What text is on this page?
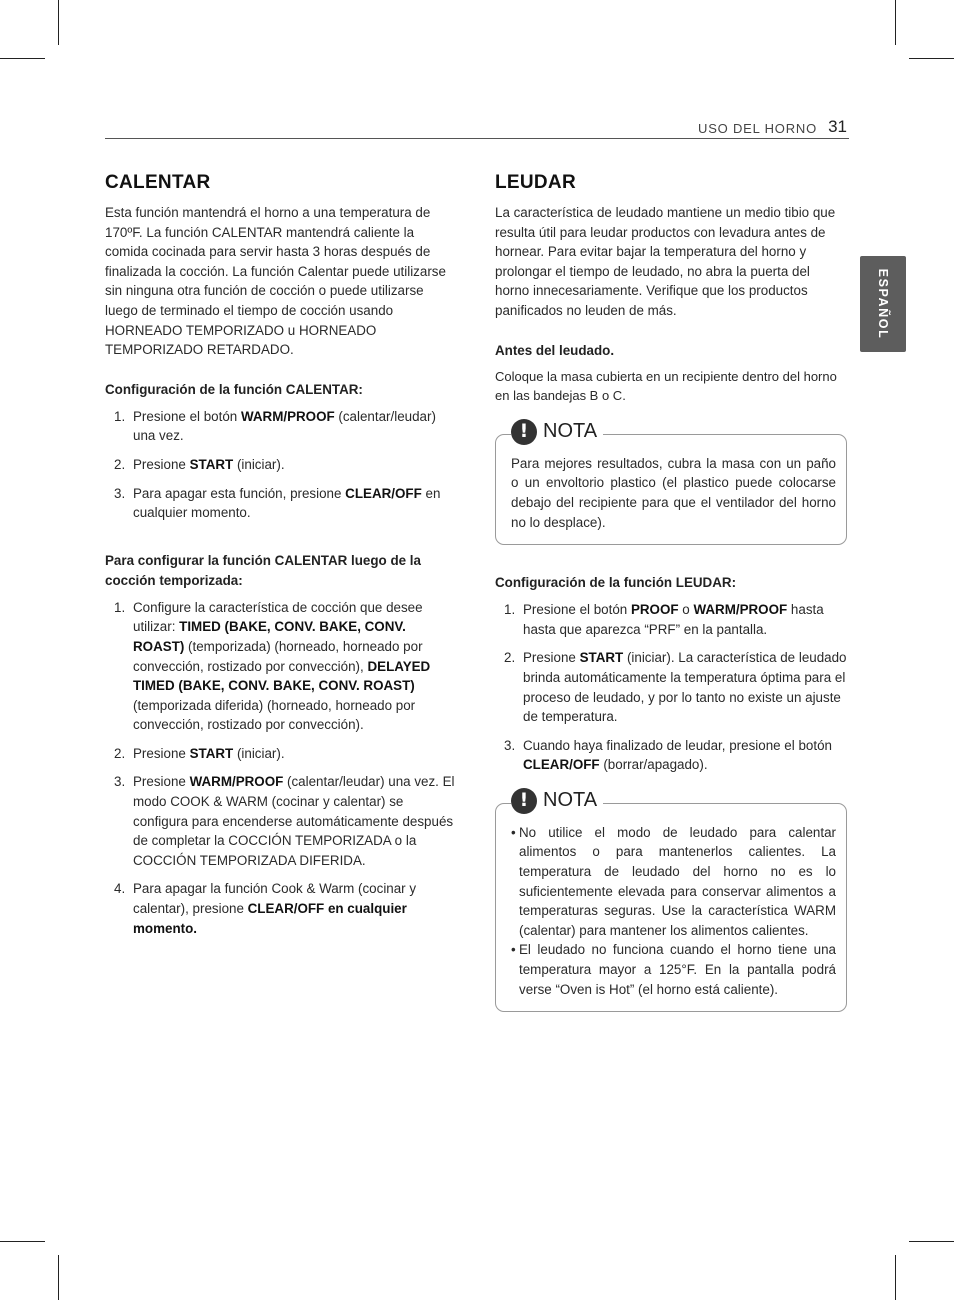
USO DEL HORNO 31
ESPAÑOL
CALENTAR

Esta función mantendrá el horno a una temperatura de 170ºF. La función CALENTAR mantendrá caliente la comida cocinada para servir hasta 3 horas después de finalizada la cocción. La función Calentar puede utilizarse sin ninguna otra función de cocción o puede utilizarse luego de terminado el tiempo de cocción usando HORNEADO TEMPORIZADO u HORNEADO TEMPORIZADO RETARDADO.

Configuración de la función CALENTAR:
1. Presione el botón WARM/PROOF (calentar/leudar) una vez.
2. Presione START (iniciar).
3. Para apagar esta función, presione CLEAR/OFF en cualquier momento.
Para configurar la función CALENTAR luego de la cocción temporizada:
1. Configure la característica de cocción que desee utilizar: TIMED (BAKE, CONV. BAKE, CONV. ROAST) (temporizada) (horneado, horneado por convección, rostizado por convección), DELAYED TIMED (BAKE, CONV. BAKE, CONV. ROAST) (temporizada diferida) (horneado, horneado por convección, rostizado por convección).
2. Presione START (iniciar).
3. Presione WARM/PROOF (calentar/leudar) una vez. El modo COOK & WARM (cocinar y calentar) se configura para encenderse automáticamente después de completar la COCCIÓN TEMPORIZADA o la COCCIÓN TEMPORIZADA DIFERIDA.
4. Para apagar la función Cook & Warm (cocinar y calentar), presione CLEAR/OFF en cualquier momento.
LEUDAR

La característica de leudado mantiene un medio tibio que resulta útil para leudar productos con levadura antes de hornear. Para evitar bajar la temperatura del horno y prolongar el tiempo de leudado, no abra la puerta del horno innecesariamente. Verifique que los productos panificados no leuden de más.

Antes del leudado.

Coloque la masa cubierta en un recipiente dentro del horno en las bandejas B o C.

! NOTA
Para mejores resultados, cubra la masa con un paño o un envoltorio plastico (el plastico puede colocarse debajo del recipiente para que el ventilador del horno no lo desplace).
Configuración de la función LEUDAR:
1. Presione el botón PROOF o WARM/PROOF hasta hasta que aparezca “PRF” en la pantalla.
2. Presione START (iniciar). La característica de leudado brinda automáticamente la temperatura óptima para el proceso de leudado, y por lo tanto no existe un ajuste de temperatura.
3. Cuando haya finalizado de leudar, presione el botón CLEAR/OFF (borrar/apagado).
! NOTA
• No utilice el modo de leudado para calentar alimentos o para mantenerlos calientes. La temperatura de leudado del horno no es lo suficientemente elevada para conservar alimentos a temperaturas seguras. Use la característica WARM (calentar) para mantener los alimentos calientes.
• El leudado no funciona cuando el horno tiene una temperatura mayor a 125°F. En la pantalla podrá verse “Oven is Hot” (el horno está caliente).
